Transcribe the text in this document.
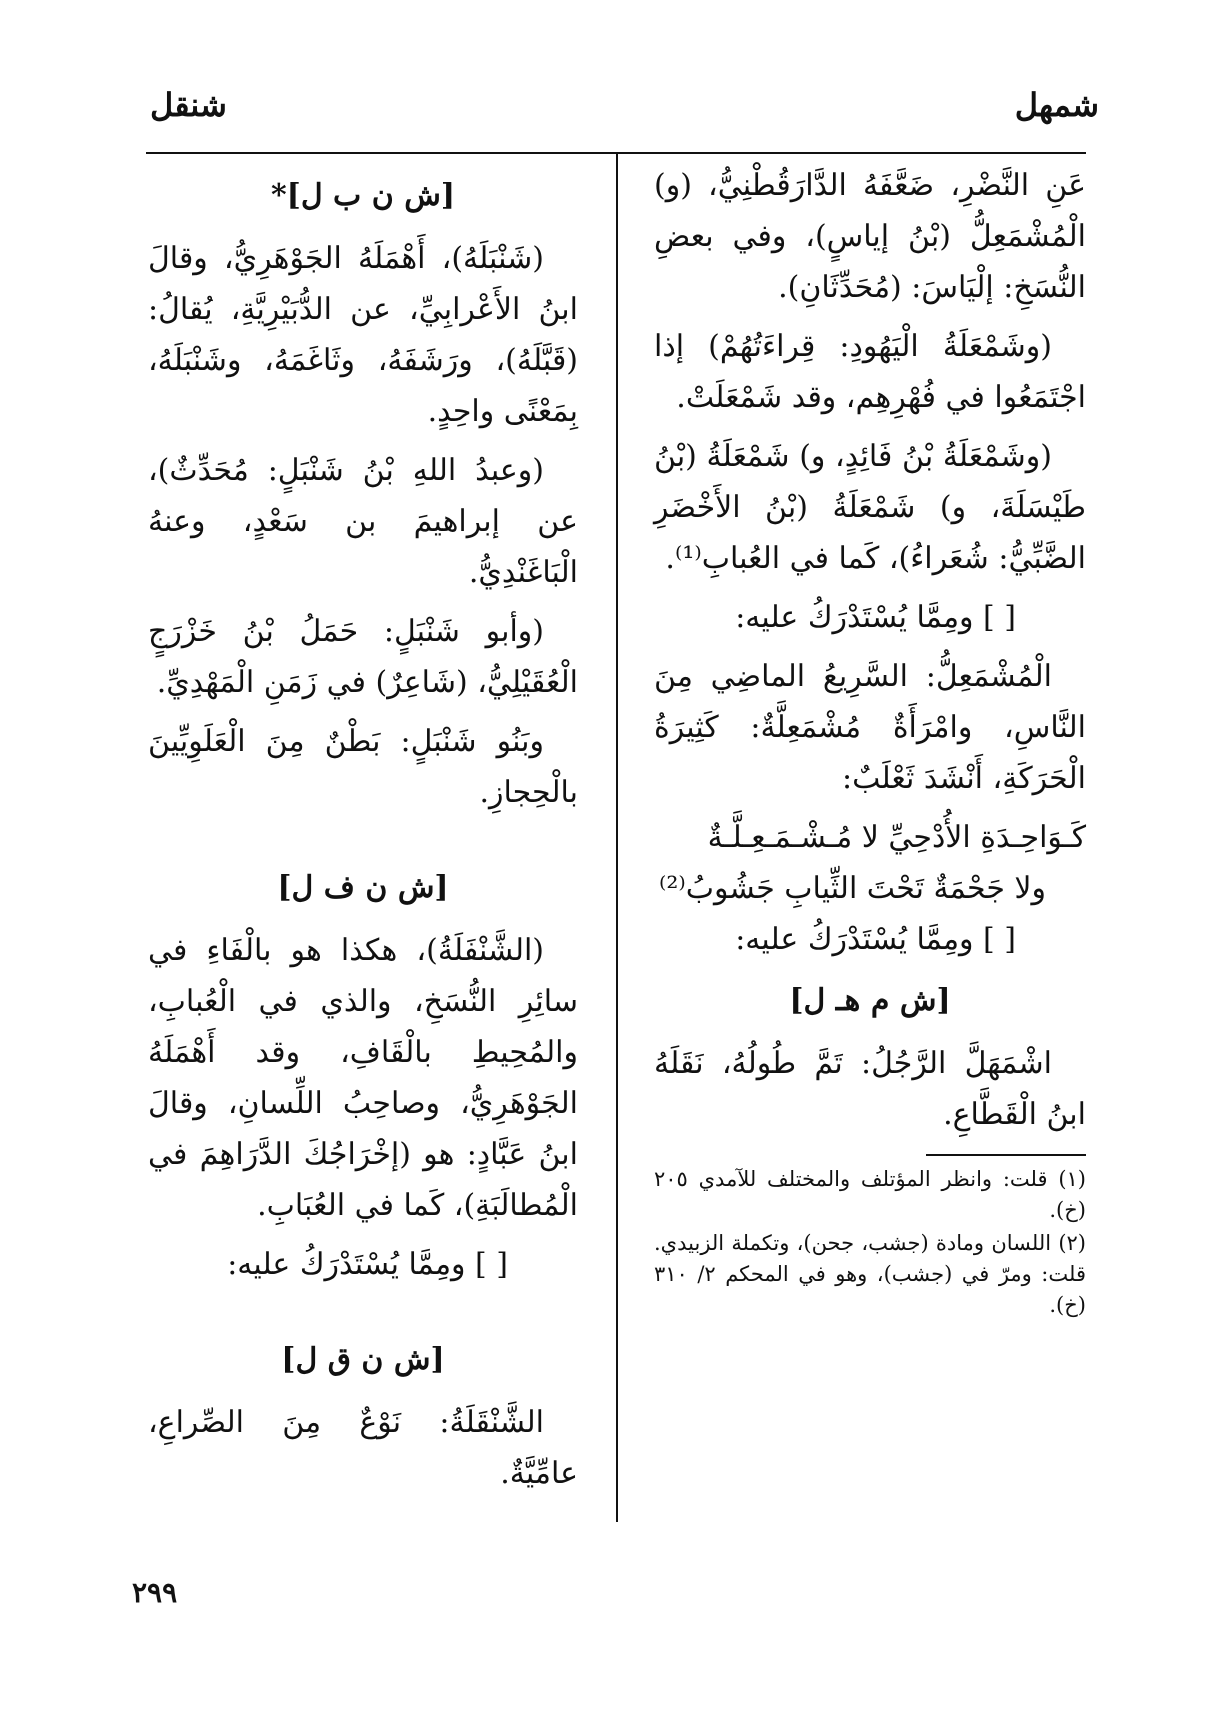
شمهل
شنقل

عَنِ النَّضْرِ، ضَعَّفَهُ الدَّارَقُطْنِيُّ، (و) الْمُشْمَعِلُّ (بْنُ إياسٍ)، وفي بعضِ النُّسَخِ: إلْيَاسَ: (مُحَدِّثَانِ).

(وشَمْعَلَةُ الْيَهُودِ: قِراءَتُهُمْ) إذا اجْتَمَعُوا في فُهْرِهِم، وقد شَمْعَلَتْ.

(وشَمْعَلَةُ بْنُ فَائِدٍ، و) شَمْعَلَةُ (بْنُ طَيْسَلَةَ، و) شَمْعَلَةُ (بْنُ الأَخْضَرِ الضَّبِّيُّ: شُعَراءُ)، كَما في العُبابِ⁽¹⁾.

[ ] ومِمَّا يُسْتَدْرَكُ عليه:

الْمُشْمَعِلُّ: السَّرِيعُ الماضِي مِنَ النَّاسِ، وامْرَأَةٌ مُشْمَعِلَّةٌ: كَثِيرَةُ الْحَرَكَةِ، أَنْشَدَ ثَعْلَبٌ:

كَـوَاحِـدَةِ الأُدْحِيِّ لا مُـشْـمَـعِـلَّـةٌ

ولا جَحْمَةٌ تَحْتَ الثِّيابِ جَشُوبُ⁽²⁾

[ ] ومِمَّا يُسْتَدْرَكُ عليه:

[ش م هـ ل]

اشْمَهَلَّ الرَّجُلُ: تَمَّ طُولُهُ، نَقَلَهُ ابنُ الْقَطَّاعِ.

(١) قلت: وانظر المؤتلف والمختلف للآمدي ٢٠٥ (خ).
(٢) اللسان ومادة (جشب، جحن)، وتكملة الزبيدي. قلت: ومرّ في (جشب)، وهو في المحكم ٢/ ٣١٠ (خ).

[ش ن ب ل]*

(شَنْبَلَهُ)، أَهْمَلَهُ الجَوْهَرِيُّ، وقالَ ابنُ الأَعْرابِيِّ، عن الدُّبَيْرِيَّةِ، يُقالُ: (قَبَّلَهُ)، ورَشَفَهُ، وثَاغَمَهُ، وشَنْبَلَهُ، بِمَعْنًى واحِدٍ.

(وعبدُ اللهِ بْنُ شَنْبَلٍ: مُحَدِّثٌ)، عن إبراهيمَ بن سَعْدٍ، وعنهُ الْبَاغَنْدِيُّ.

(وأبو شَنْبَلٍ: حَمَلُ بْنُ خَزْرَجٍ الْعُقَيْلِيُّ، (شَاعِرٌ) في زَمَنِ الْمَهْدِيِّ.

وبَنُو شَنْبَلٍ: بَطْنٌ مِنَ الْعَلَوِيِّينَ بالْحِجازِ.

[ش ن ف ل]

(الشَّنْفَلَةُ)، هكذا هو بالْفَاءِ في سائِرِ النُّسَخِ، والذي في الْعُبابِ، والمُحِيطِ بالْقَافِ، وقد أَهْمَلَهُ الجَوْهَرِيُّ، وصاحِبُ اللِّسانِ، وقالَ ابنُ عَبَّادٍ: هو (إخْرَاجُكَ الدَّرَاهِمَ في الْمُطالَبَةِ)، كَما في العُبَابِ.

[ ] ومِمَّا يُسْتَدْرَكُ عليه:

[ش ن ق ل]

الشَّنْقَلَةُ: نَوْعٌ مِنَ الصِّراعِ، عامِّيَّةٌ.

٢٩٩
